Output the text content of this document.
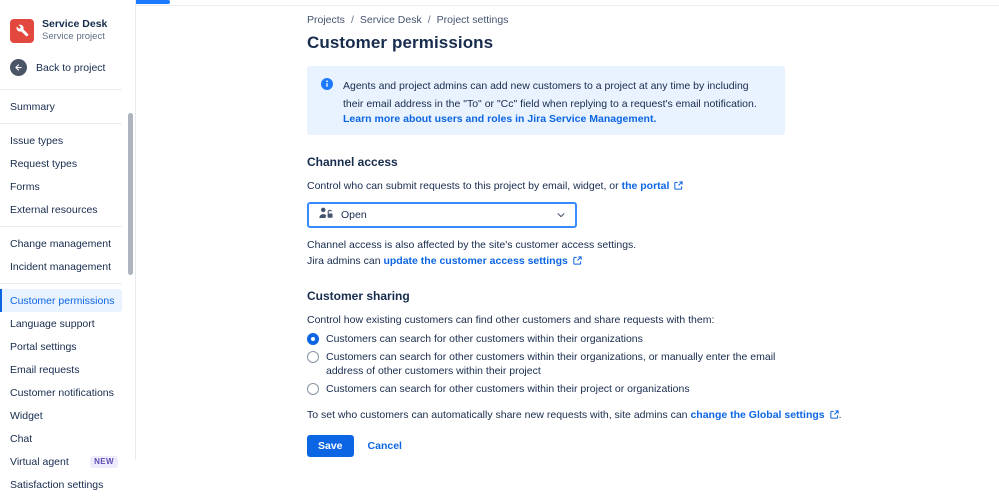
Service Desk
Service project
Back to project
Summary
Issue types
Request types
Forms
External resources
Change management
Incident management
Customer permissions
Language support
Portal settings
Email requests
Customer notifications
Widget
Chat
Virtual agent	NEW
Satisfaction settings
Projects / Service Desk / Project settings
Customer permissions
Agents and project admins can add new customers to a project at any time by including their email address in the "To" or "Cc" field when replying to a request's email notification.
Learn more about users and roles in Jira Service Management.
Channel access

Control who can submit requests to this project by email, widget, or the portal

Open

Channel access is also affected by the site's customer access settings.

Jira admins can update the customer access settings

Customer sharing

Control how existing customers can find other customers and share requests with them:

Customers can search for other customers within their organizations
Customers can search for other customers within their organizations, or manually enter the email address of other customers within their project
Customers can search for other customers within their project or organizations

To set who customers can automatically share new requests with, site admins can change the Global settings .

Save	Cancel
